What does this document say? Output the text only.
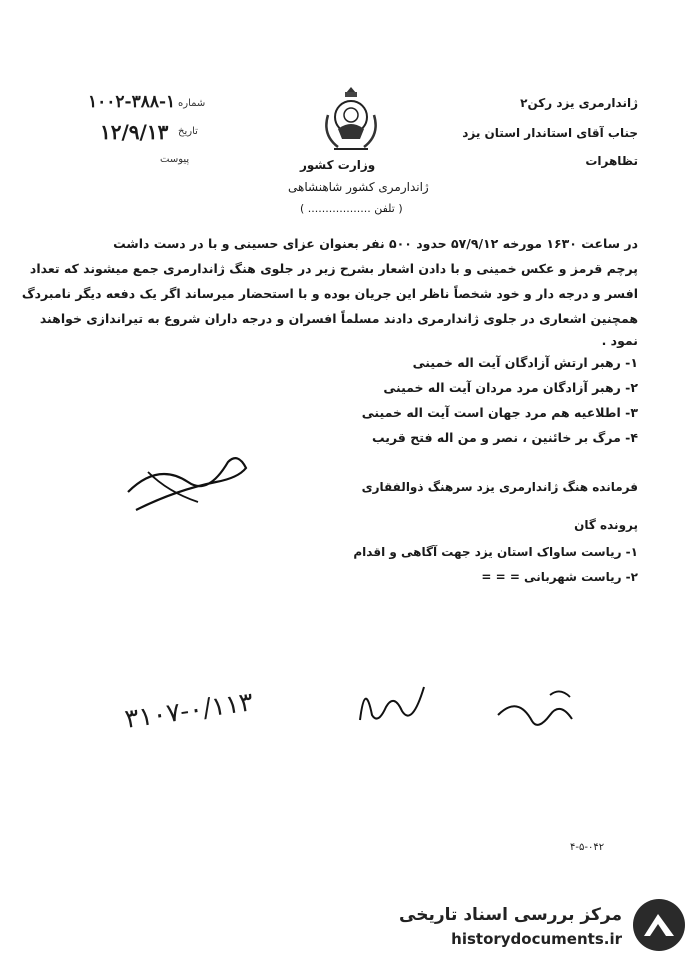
ژاندارمری یزد رکن۲
جناب آقای استاندار استان یزد
تظاهرات
شماره
۱۰۰۲-۳۸۸-۱
تاریخ
۱۲/۹/۱۳
پیوست	وزارت کشور
ژاندارمری کشور شاهنشاهی
( تلفن .................. )
در ساعت ۱۶۳۰ مورخه ۵۷/۹/۱۲ حدود ۵۰۰ نفر بعنوان عزای حسینی و با در دست داشت
پرچم قرمز و عکس خمینی و با دادن اشعار بشرح زیر در جلوی هنگ ژاندارمری جمع میشوند که تعداد
افسر و درجه دار و خود شخصاً ناظر این جریان بوده و با استحضار میرساند اگر یک دفعه دیگر نامبردگ
همچنین اشعاری در جلوی ژاندارمری دادند مسلماً افسران و درجه داران شروع به تیراندازی خواهند
نمود .
۱- رهبر ارتش آزادگان آیت اله خمینی
۲- رهبر آزادگان مرد مردان آیت اله خمینی
۳- اطلاعیه هم مرد جهان است آیت اله خمینی
۴- مرگ بر خائنین ، نصر و من اله فتح قریب
فرمانده هنگ ژاندارمری یزد سرهنگ ذوالفقاری
پرونده گان
۱- ریاست ساواک استان یزد جهت آگاهی و اقدام
۲- ریاست شهربانی = = =
۳۱۰۷-۰/۱۱۳
۴-۵-۰۴۲
مرکز بررسی اسناد تاریخی
historydocuments.ir
